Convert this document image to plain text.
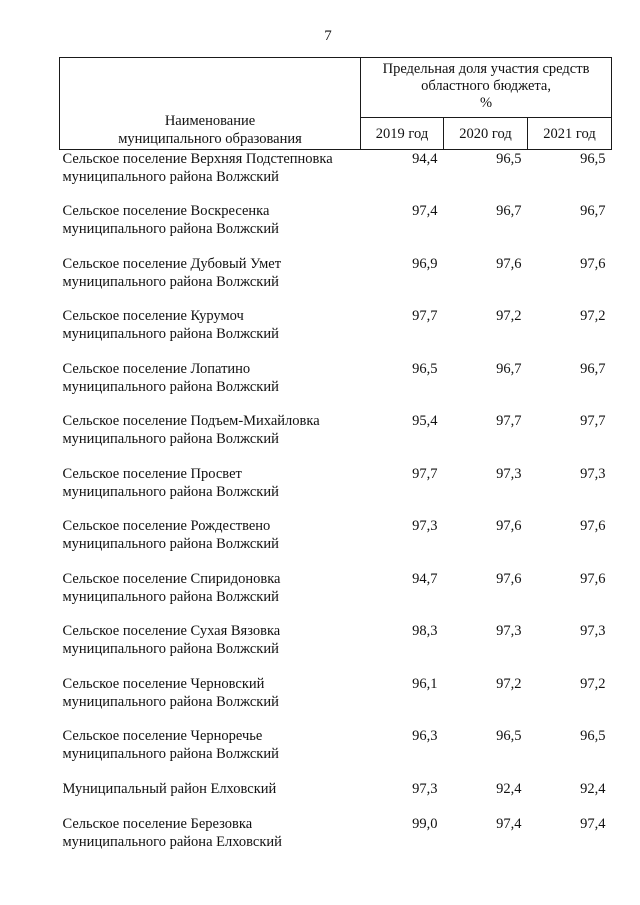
7
Наименование
муниципального образования	Предельная доля участия средств
областного бюджета,
%		

	2019 год	2020 год	2021 год

Сельское поселение Верхняя Подстепновка
муниципального района Волжский	94,4	96,5	96,5

Сельское поселение Воскресенка
муниципального района Волжский	97,4	96,7	96,7

Сельское поселение Дубовый Умет
муниципального района Волжский	96,9	97,6	97,6

Сельское поселение Курумоч
муниципального района Волжский	97,7	97,2	97,2

Сельское поселение Лопатино
муниципального района Волжский	96,5	96,7	96,7

Сельское поселение Подъем-Михайловка
муниципального района Волжский	95,4	97,7	97,7

Сельское поселение Просвет
муниципального района Волжский	97,7	97,3	97,3

Сельское поселение Рождествено
муниципального района Волжский	97,3	97,6	97,6

Сельское поселение Спиридоновка
муниципального района Волжский	94,7	97,6	97,6

Сельское поселение Сухая Вязовка
муниципального района Волжский	98,3	97,3	97,3

Сельское поселение Черновский
муниципального района Волжский	96,1	97,2	97,2

Сельское поселение Черноречье
муниципального района Волжский	96,3	96,5	96,5

Муниципальный район Елховский	97,3	92,4	92,4

Сельское поселение Березовка
муниципального района Елховский	99,0	97,4	97,4
